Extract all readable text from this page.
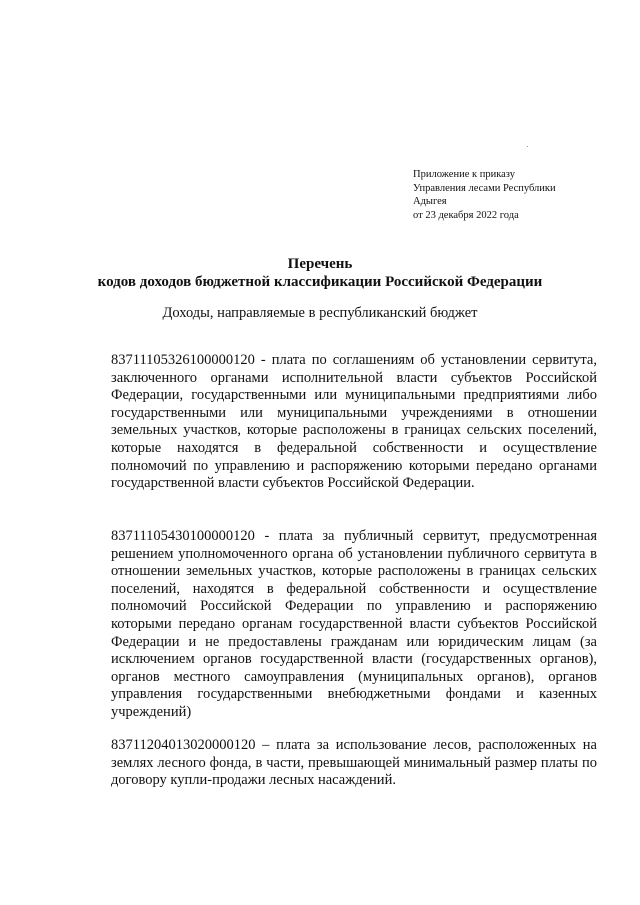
Приложение к приказу
Управления лесами Республики
Адыгея
от 23 декабря 2022 года
Перечень
кодов доходов бюджетной классификации Российской Федерации
Доходы, направляемые в республиканский бюджет
83711105326100000120 - плата по соглашениям об установлении сервитута, заключенного органами исполнительной власти субъектов Российской Федерации, государственными или муниципальными предприятиями либо государственными или муниципальными учреждениями в отношении земельных участков, которые расположены в границах сельских поселений, которые находятся в федеральной собственности и осуществление полномочий по управлению и распоряжению которыми передано органами государственной власти субъектов Российской Федерации.
83711105430100000120 - плата за публичный сервитут, предусмотренная решением уполномоченного органа об установлении публичного сервитута в отношении земельных участков, которые расположены в границах сельских поселений, находятся в федеральной собственности и осуществление полномочий Российской Федерации по управлению и распоряжению которыми передано органам государственной власти субъектов Российской Федерации и не предоставлены гражданам или юридическим лицам (за исключением органов государственной власти (государственных органов), органов местного самоуправления (муниципальных органов), органов управления государственными внебюджетными фондами и казенных учреждений)
83711204013020000120 – плата за использование лесов, расположенных на землях лесного фонда, в части, превышающей минимальный размер платы по договору купли-продажи лесных насаждений.
